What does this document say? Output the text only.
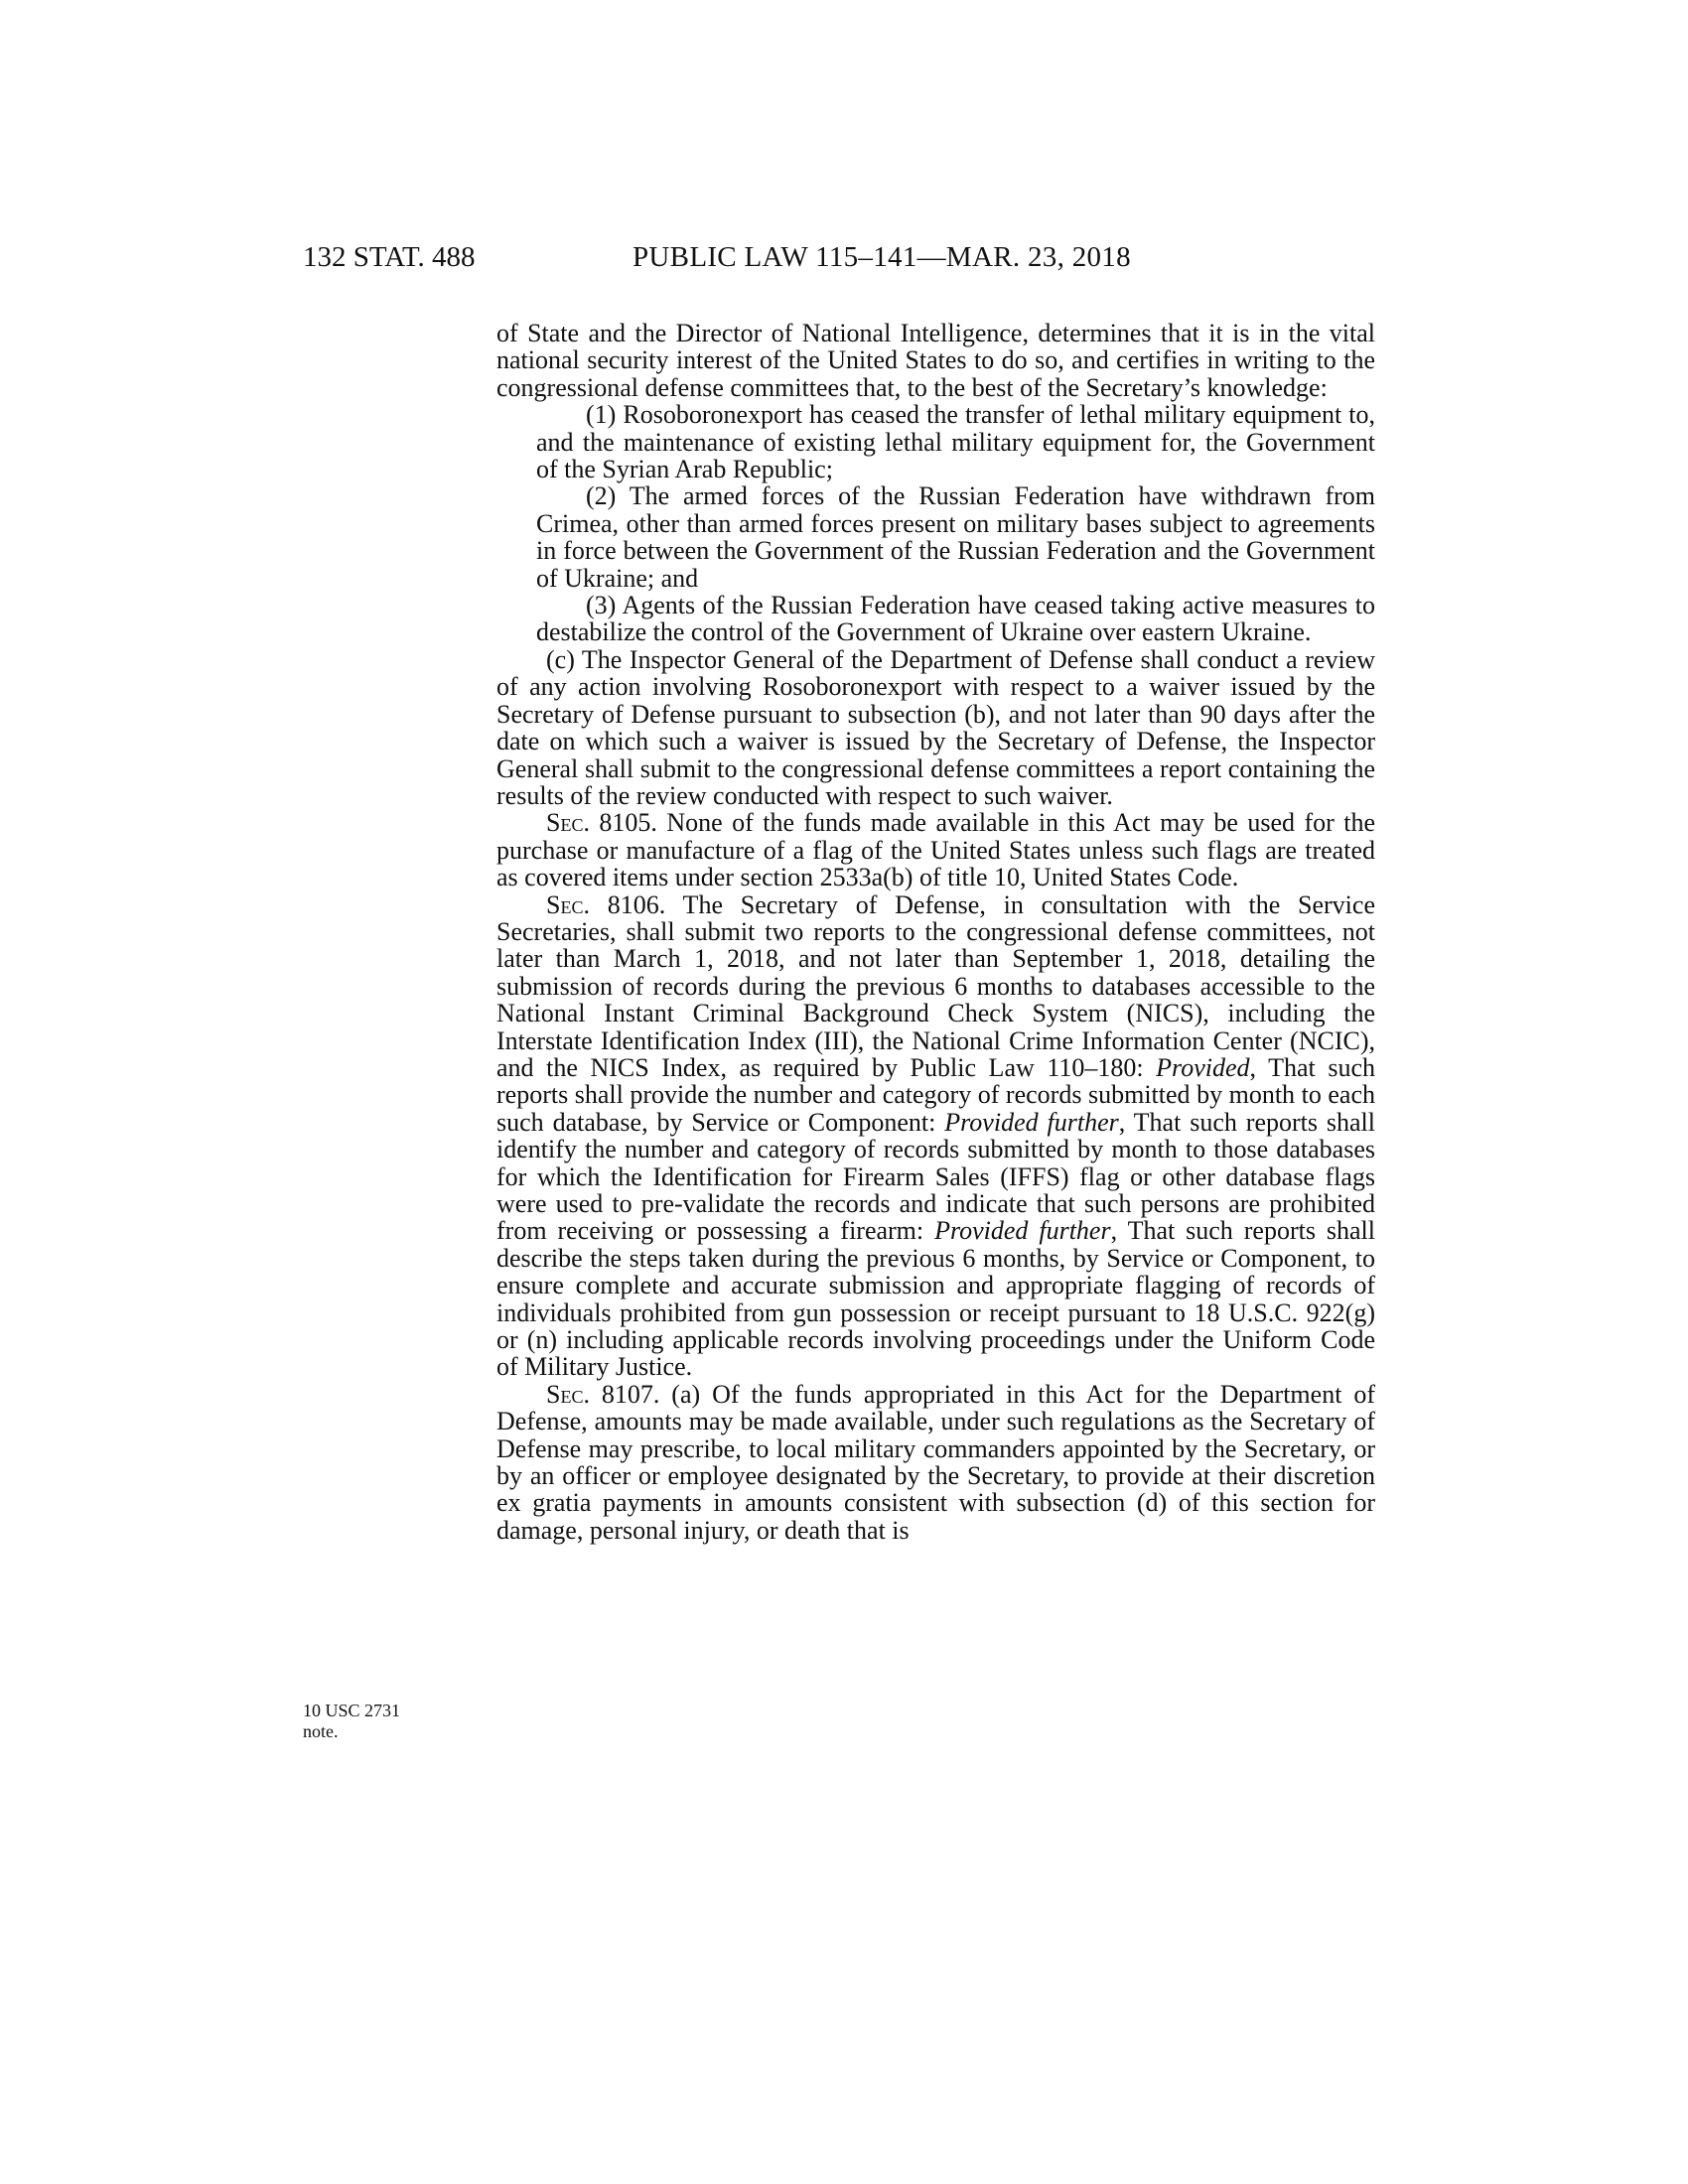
132 STAT. 488	PUBLIC LAW 115–141—MAR. 23, 2018
10 USC 2731
note.

of State and the Director of National Intelligence, determines that it is in the vital national security interest of the United States to do so, and certifies in writing to the congressional defense committees that, to the best of the Secretary’s knowledge:

(1) Rosoboronexport has ceased the transfer of lethal military equipment to, and the maintenance of existing lethal military equipment for, the Government of the Syrian Arab Republic;

(2) The armed forces of the Russian Federation have withdrawn from Crimea, other than armed forces present on military bases subject to agreements in force between the Government of the Russian Federation and the Government of Ukraine; and

(3) Agents of the Russian Federation have ceased taking active measures to destabilize the control of the Government of Ukraine over eastern Ukraine.

(c) The Inspector General of the Department of Defense shall conduct a review of any action involving Rosoboronexport with respect to a waiver issued by the Secretary of Defense pursuant to subsection (b), and not later than 90 days after the date on which such a waiver is issued by the Secretary of Defense, the Inspector General shall submit to the congressional defense committees a report containing the results of the review conducted with respect to such waiver.

Sec. 8105. None of the funds made available in this Act may be used for the purchase or manufacture of a flag of the United States unless such flags are treated as covered items under section 2533a(b) of title 10, United States Code.

Sec. 8106. The Secretary of Defense, in consultation with the Service Secretaries, shall submit two reports to the congressional defense committees, not later than March 1, 2018, and not later than September 1, 2018, detailing the submission of records during the previous 6 months to databases accessible to the National Instant Criminal Background Check System (NICS), including the Interstate Identification Index (III), the National Crime Information Center (NCIC), and the NICS Index, as required by Public Law 110–180: Provided, That such reports shall provide the number and category of records submitted by month to each such database, by Service or Component: Provided further, That such reports shall identify the number and category of records submitted by month to those databases for which the Identification for Firearm Sales (IFFS) flag or other database flags were used to pre-validate the records and indicate that such persons are prohibited from receiving or possessing a firearm: Provided further, That such reports shall describe the steps taken during the previous 6 months, by Service or Component, to ensure complete and accurate submission and appropriate flagging of records of individuals prohibited from gun possession or receipt pursuant to 18 U.S.C. 922(g) or (n) including applicable records involving proceedings under the Uniform Code of Military Justice.

Sec. 8107. (a) Of the funds appropriated in this Act for the Department of Defense, amounts may be made available, under such regulations as the Secretary of Defense may prescribe, to local military commanders appointed by the Secretary, or by an officer or employee designated by the Secretary, to provide at their discretion ex gratia payments in amounts consistent with subsection (d) of this section for damage, personal injury, or death that is
